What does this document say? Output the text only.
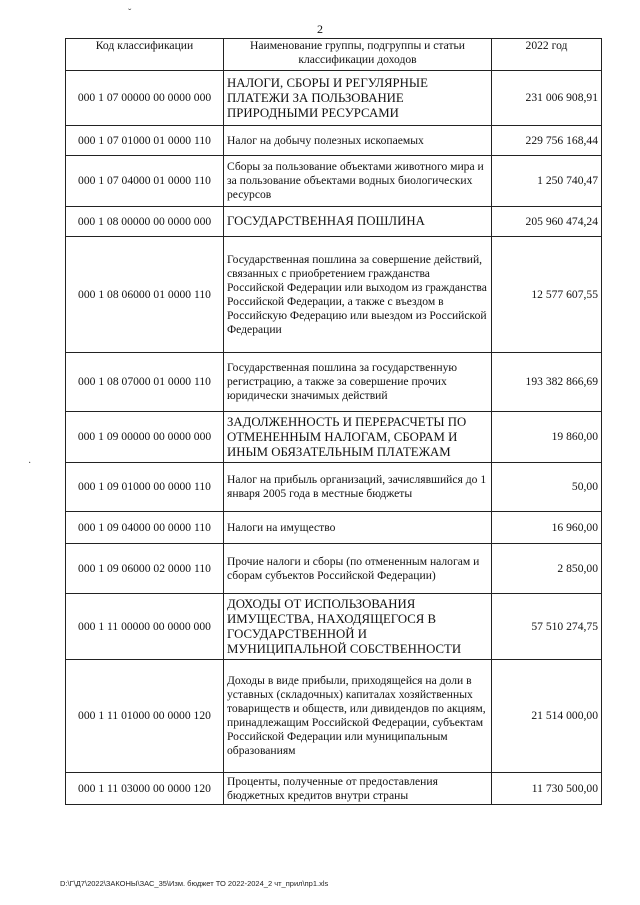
ˇ
·
2
Код классификации	Наименование группы, подгруппы и статьи классификации доходов	2022 год
000 1 07 00000 00 0000 000	НАЛОГИ, СБОРЫ И РЕГУЛЯРНЫЕ ПЛАТЕЖИ ЗА ПОЛЬЗОВАНИЕ ПРИРОДНЫМИ РЕСУРСАМИ	231 006 908,91
000 1 07 01000 01 0000 110	Налог на добычу полезных ископаемых	229 756 168,44
000 1 07 04000 01 0000 110	Сборы за пользование объектами животного мира и за пользование объектами водных биологических ресурсов	1 250 740,47
000 1 08 00000 00 0000 000	ГОСУДАРСТВЕННАЯ ПОШЛИНА	205 960 474,24
000 1 08 06000 01 0000 110	Государственная пошлина за совершение действий, связанных с приобретением гражданства Российской Федерации или выходом из гражданства Российской Федерации, а также с въездом в Российскую Федерацию или выездом из Российской Федерации	12 577 607,55
000 1 08 07000 01 0000 110	Государственная пошлина за государственную регистрацию, а также за совершение прочих юридически значимых действий	193 382 866,69
000 1 09 00000 00 0000 000	ЗАДОЛЖЕННОСТЬ И ПЕРЕРАСЧЕТЫ ПО ОТМЕНЕННЫМ НАЛОГАМ, СБОРАМ И ИНЫМ ОБЯЗАТЕЛЬНЫМ ПЛАТЕЖАМ	19 860,00
000 1 09 01000 00 0000 110	Налог на прибыль организаций, зачислявшийся до 1 января 2005 года в местные бюджеты	50,00
000 1 09 04000 00 0000 110	Налоги на имущество	16 960,00
000 1 09 06000 02 0000 110	Прочие налоги и сборы (по отмененным налогам и сборам субъектов Российской Федерации)	2 850,00
000 1 11 00000 00 0000 000	ДОХОДЫ ОТ ИСПОЛЬЗОВАНИЯ ИМУЩЕСТВА, НАХОДЯЩЕГОСЯ В ГОСУДАРСТВЕННОЙ И МУНИЦИПАЛЬНОЙ СОБСТВЕННОСТИ	57 510 274,75
000 1 11 01000 00 0000 120	Доходы в виде прибыли, приходящейся на доли в уставных (складочных) капиталах хозяйственных товариществ и обществ, или дивидендов по акциям, принадлежащим Российской Федерации, субъектам Российской Федерации или муниципальным образованиям	21 514 000,00
000 1 11 03000 00 0000 120	Проценты, полученные от предоставления бюджетных кредитов внутри страны	11 730 500,00
D:\Г\Д7\2022\ЗАКОНЫ\ЗАС_35\Изм. бюджет ТО 2022-2024_2 чт_прил\пр1.xls
